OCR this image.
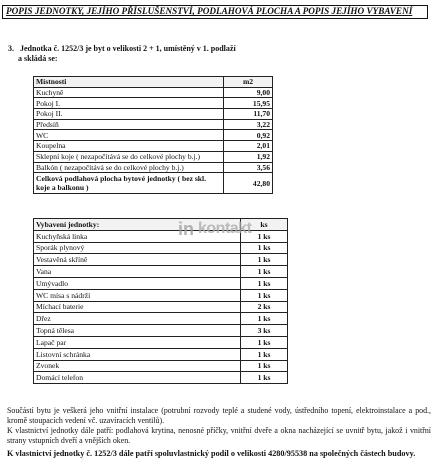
POPIS JEDNOTKY, JEJÍHO PŘÍSLUŠENSTVÍ, PODLAHOVÁ PLOCHA A POPIS JEJÍHO VYBAVENÍ
3. Jednotka č. 1252/3 je byt o velikosti 2 + 1, umístěný v 1. podlaží
a skládá se:
Místnosti	m2
Kuchyně	9,00
Pokoj I.	15,95
Pokoj II.	11,70
Předsíň	3,22
WC	0,92
Koupelna	2,01
Sklepní koje ( nezapočítává se do celkové plochy b.j.)	1,92
Balkón ( nezapočítává se do celkové plochy b.j.)	3,56
Celková podlahová plocha bytové jednotky ( bez skl. koje a balkonu )	42,80
Vybavení jednotky:	ks
Kuchyňská linka	1 ks
Sporák plynový	1 ks
Vestavěná skříně	1 ks
Vana	1 ks
Umývadlo	1 ks
WC mísa s nádrží	1 ks
Míchací baterie	2 ks
Dřez	1 ks
Topná tělesa	3 ks
Lapač par	1 ks
Listovní schránka	1 ks
Zvonek	1 ks
Domácí telefon	1 ks
in kontakt

Součástí bytu je veškerá jeho vnitřní instalace (potrubní rozvody teplé a studené vody, ústředního topení, elektroinstalace a pod., kromě stoupacích vedení vč. uzavíracích ventilů).

K vlastnictví jednotky dále patří: podlahová krytina, nenosné příčky, vnitřní dveře a okna nacházející se uvnitř bytu, jakož i vnitřní strany vstupních dveří a vnějších oken.

K vlastnictví jednotky č. 1252/3 dále patří spoluvlastnický podíl o velikosti 4280/95538 na společných částech budovy.
